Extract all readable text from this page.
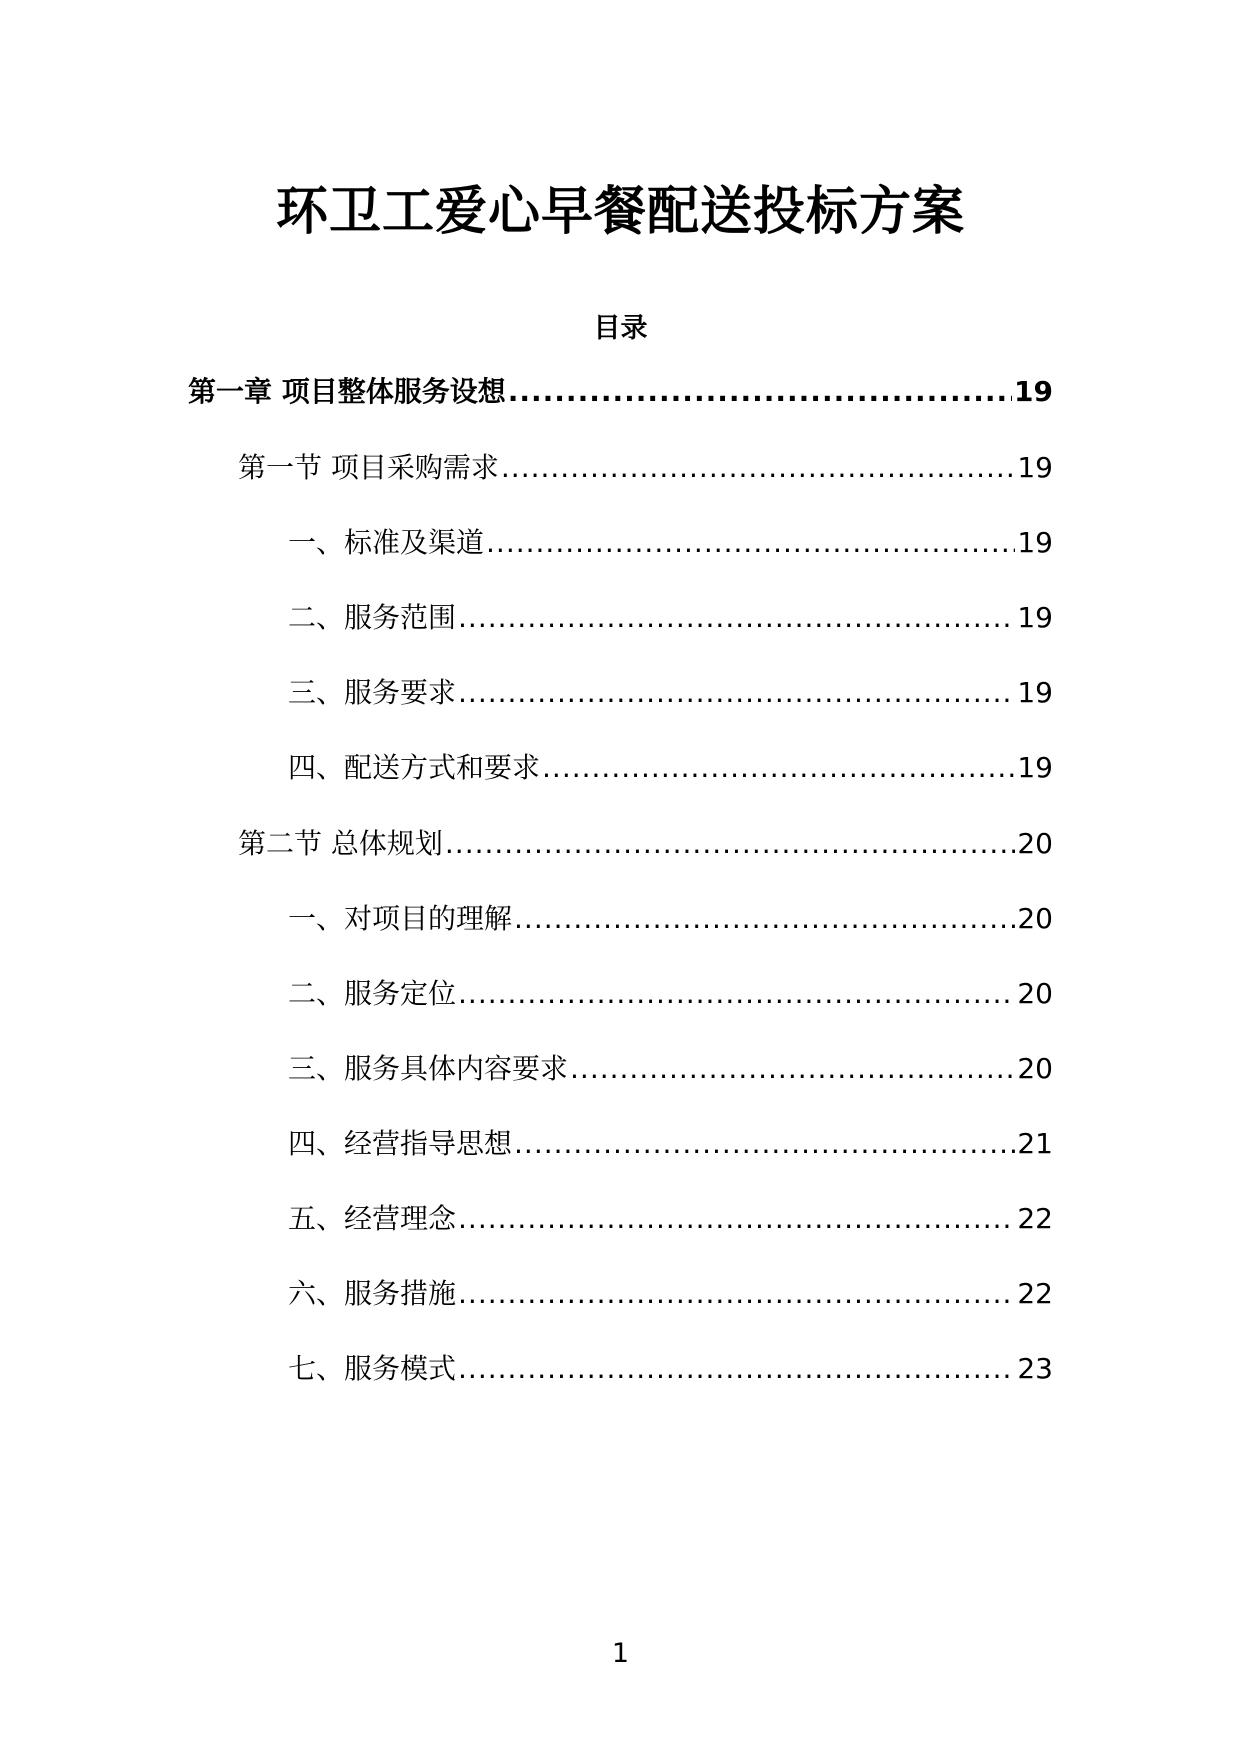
环卫工爱心早餐配送投标方案
目录
第一章 项目整体服务设想 .....	19
第一节 项目采购需求 .....	19
一、标准及渠道 .....	19
二、服务范围 .....	19
三、服务要求 .....	19
四、配送方式和要求 .....	19
第二节 总体规划 .....	20
一、对项目的理解 .....	20
二、服务定位 .....	20
三、服务具体内容要求 .....	20
四、经营指导思想 .....	21
五、经营理念 .....	22
六、服务措施 .....	22
七、服务模式 .....	23
1
